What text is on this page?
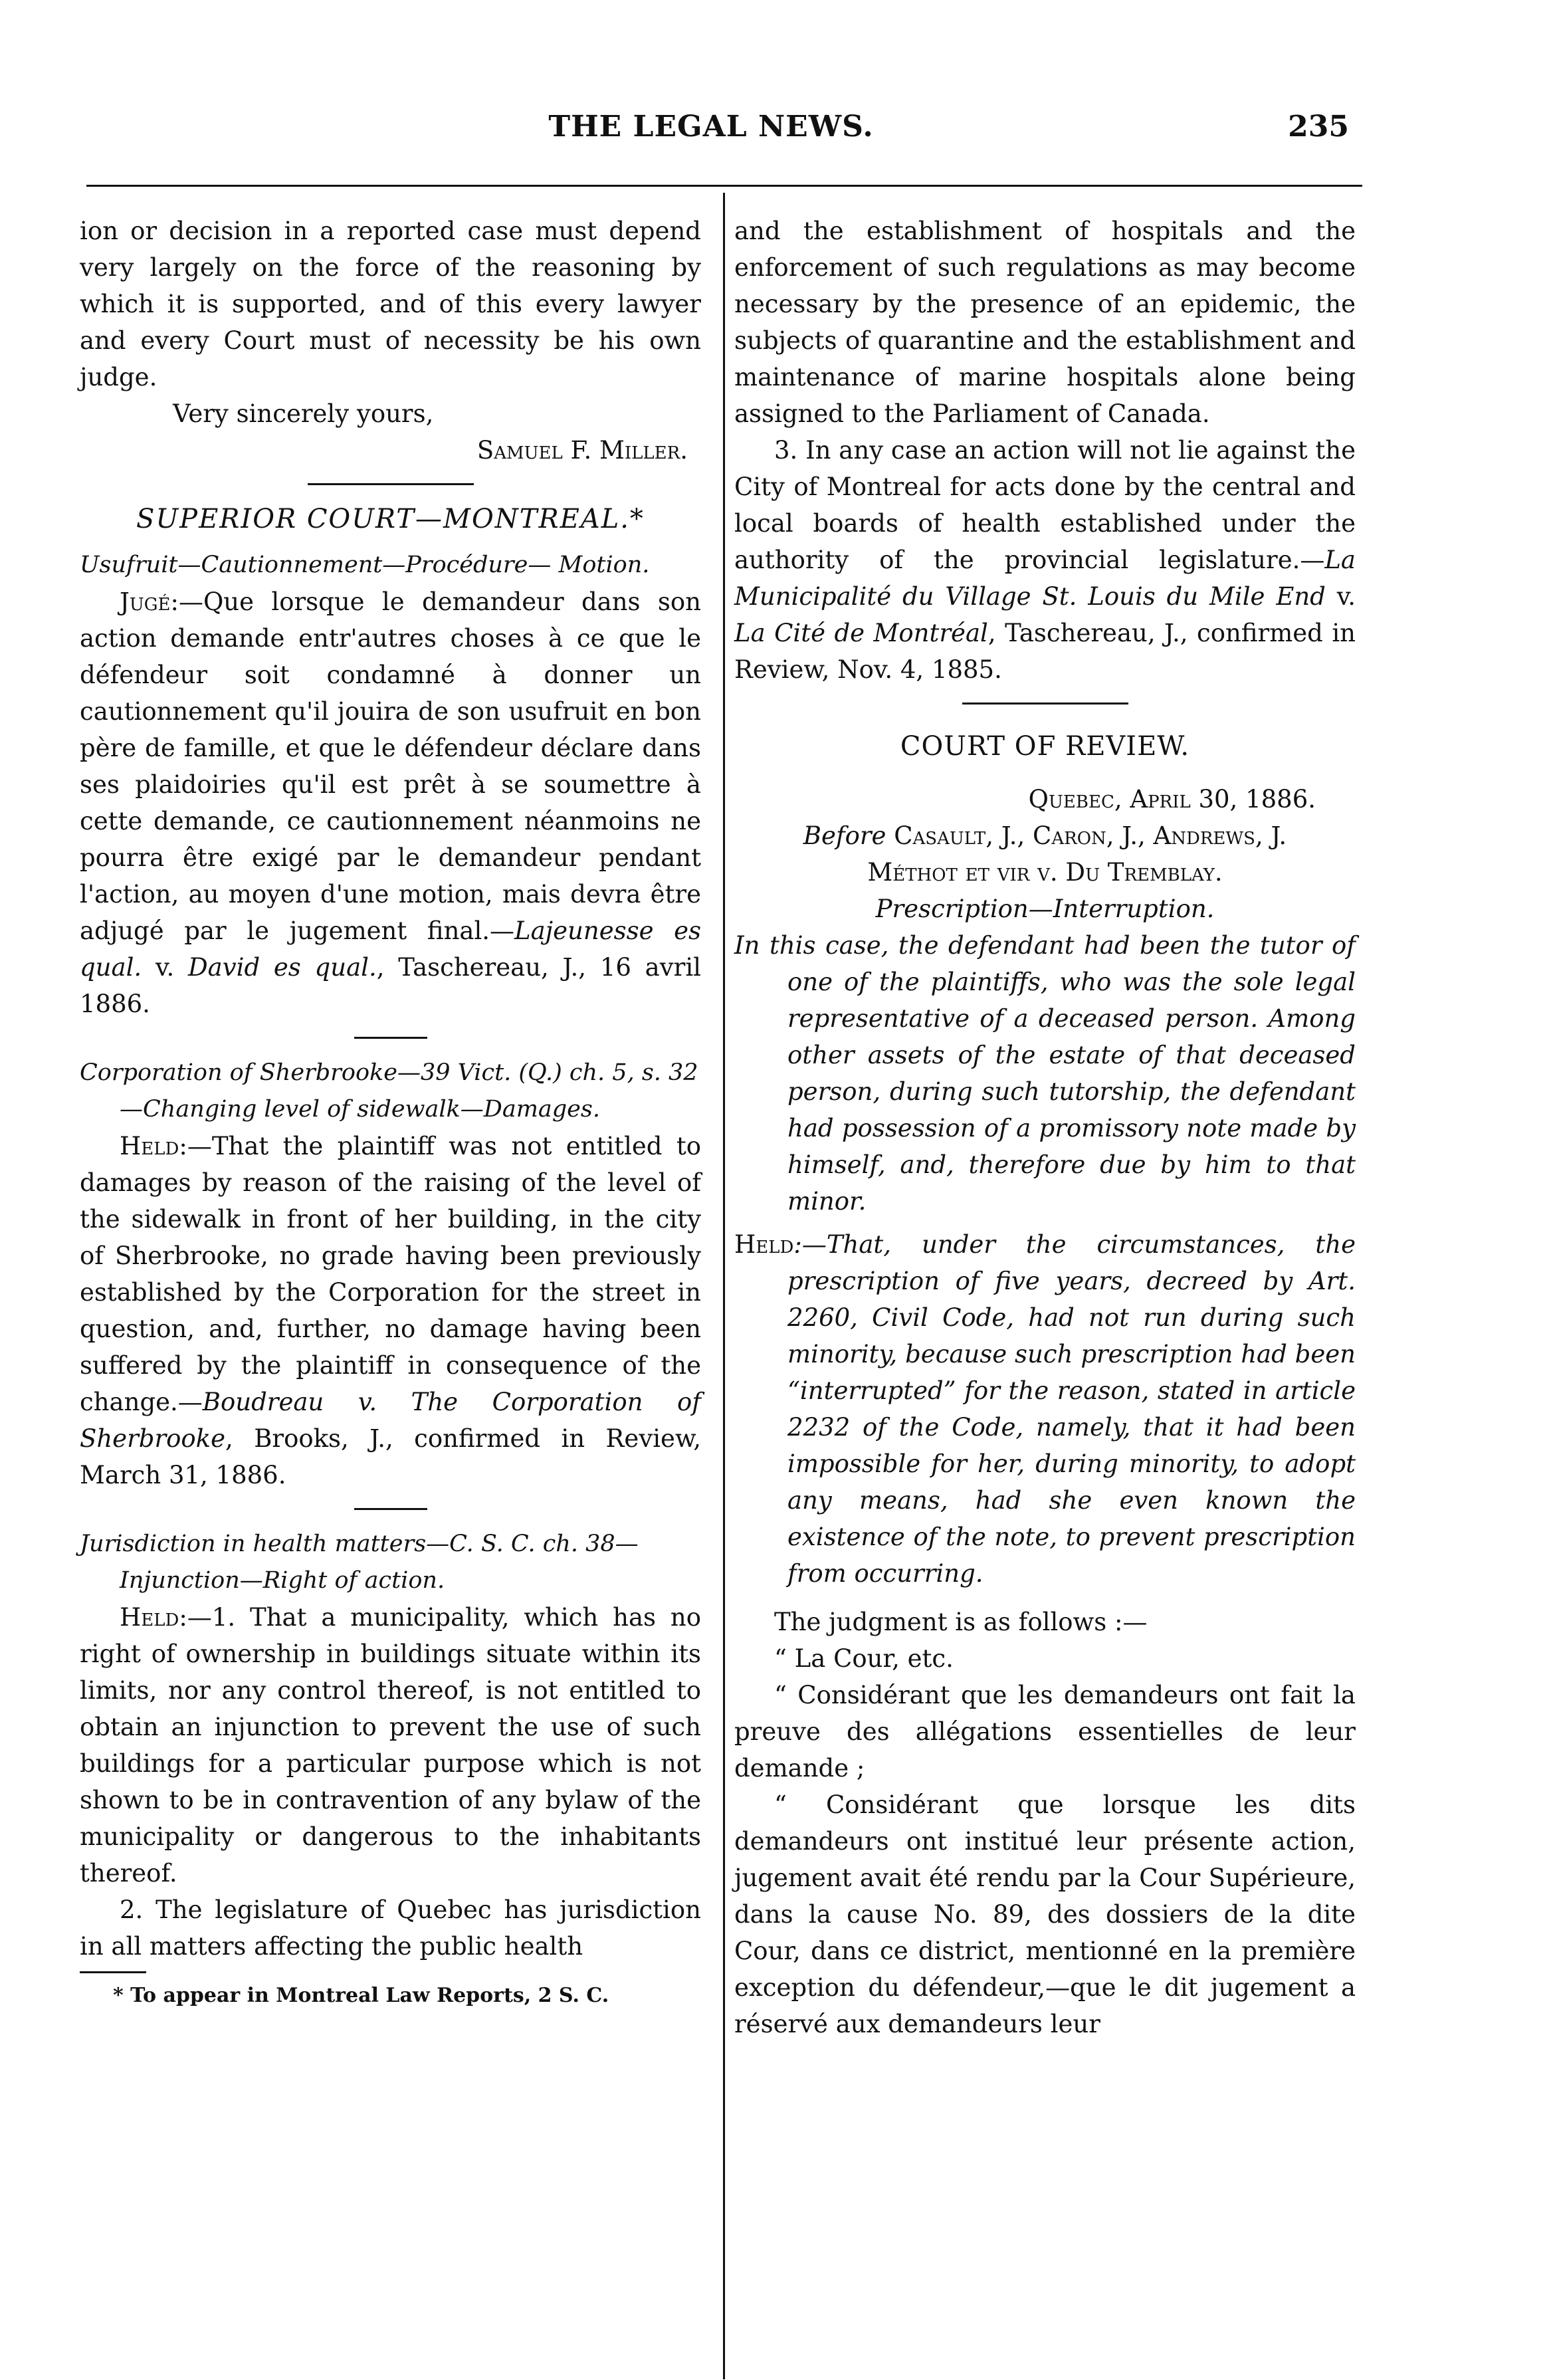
THE LEGAL NEWS.	235

ion or decision in a reported case must depend very largely on the force of the reasoning by which it is supported, and of this every lawyer and every Court must of necessity be his own judge.

Very sincerely yours,

Samuel F. Miller.

SUPERIOR COURT—MONTREAL.*

Usufruit—Cautionnement—Procédure— Motion.

Jugé:—Que lorsque le demandeur dans son action demande entr'autres choses à ce que le défendeur soit condamné à donner un cautionnement qu'il jouira de son usufruit en bon père de famille, et que le défendeur déclare dans ses plaidoiries qu'il est prêt à se soumettre à cette demande, ce cautionnement néanmoins ne pourra être exigé par le demandeur pendant l'action, au moyen d'une motion, mais devra être adjugé par le jugement final.—Lajeunesse es qual. v. David es qual., Taschereau, J., 16 avril 1886.

Corporation of Sherbrooke—39 Vict. (Q.) ch. 5, s. 32—Changing level of sidewalk—Damages.

Held:—That the plaintiff was not entitled to damages by reason of the raising of the level of the sidewalk in front of her building, in the city of Sherbrooke, no grade having been previously established by the Corporation for the street in question, and, further, no damage having been suffered by the plaintiff in consequence of the change.—Boudreau v. The Corporation of Sherbrooke, Brooks, J., confirmed in Review, March 31, 1886.

Jurisdiction in health matters—C. S. C. ch. 38—Injunction—Right of action.

Held:—1. That a municipality, which has no right of ownership in buildings situate within its limits, nor any control thereof, is not entitled to obtain an injunction to prevent the use of such buildings for a particular purpose which is not shown to be in contravention of any bylaw of the municipality or dangerous to the inhabitants thereof.

2. The legislature of Quebec has jurisdiction in all matters affecting the public health

* To appear in Montreal Law Reports, 2 S. C.

and the establishment of hospitals and the enforcement of such regulations as may become necessary by the presence of an epidemic, the subjects of quarantine and the establishment and maintenance of marine hospitals alone being assigned to the Parliament of Canada.

3. In any case an action will not lie against the City of Montreal for acts done by the central and local boards of health established under the authority of the provincial legislature.—La Municipalité du Village St. Louis du Mile End v. La Cité de Montréal, Taschereau, J., confirmed in Review, Nov. 4, 1885.

COURT OF REVIEW.

Quebec, April 30, 1886.

Before Casault, J., Caron, J., Andrews, J.

Méthot et vir v. Du Tremblay.

Prescription—Interruption.

In this case, the defendant had been the tutor of one of the plaintiffs, who was the sole legal representative of a deceased person. Among other assets of the estate of that deceased person, during such tutorship, the defendant had possession of a promissory note made by himself, and, therefore due by him to that minor.

Held:—That, under the circumstances, the prescription of five years, decreed by Art. 2260, Civil Code, had not run during such minority, because such prescription had been “interrupted” for the reason, stated in article 2232 of the Code, namely, that it had been impossible for her, during minority, to adopt any means, had she even known the existence of the note, to prevent prescription from occurring.

The judgment is as follows :—

“ La Cour, etc.

“ Considérant que les demandeurs ont fait la preuve des allégations essentielles de leur demande ;

“ Considérant que lorsque les dits demandeurs ont institué leur présente action, jugement avait été rendu par la Cour Supérieure, dans la cause No. 89, des dossiers de la dite Cour, dans ce district, mentionné en la première exception du défendeur,—que le dit jugement a réservé aux demandeurs leur
